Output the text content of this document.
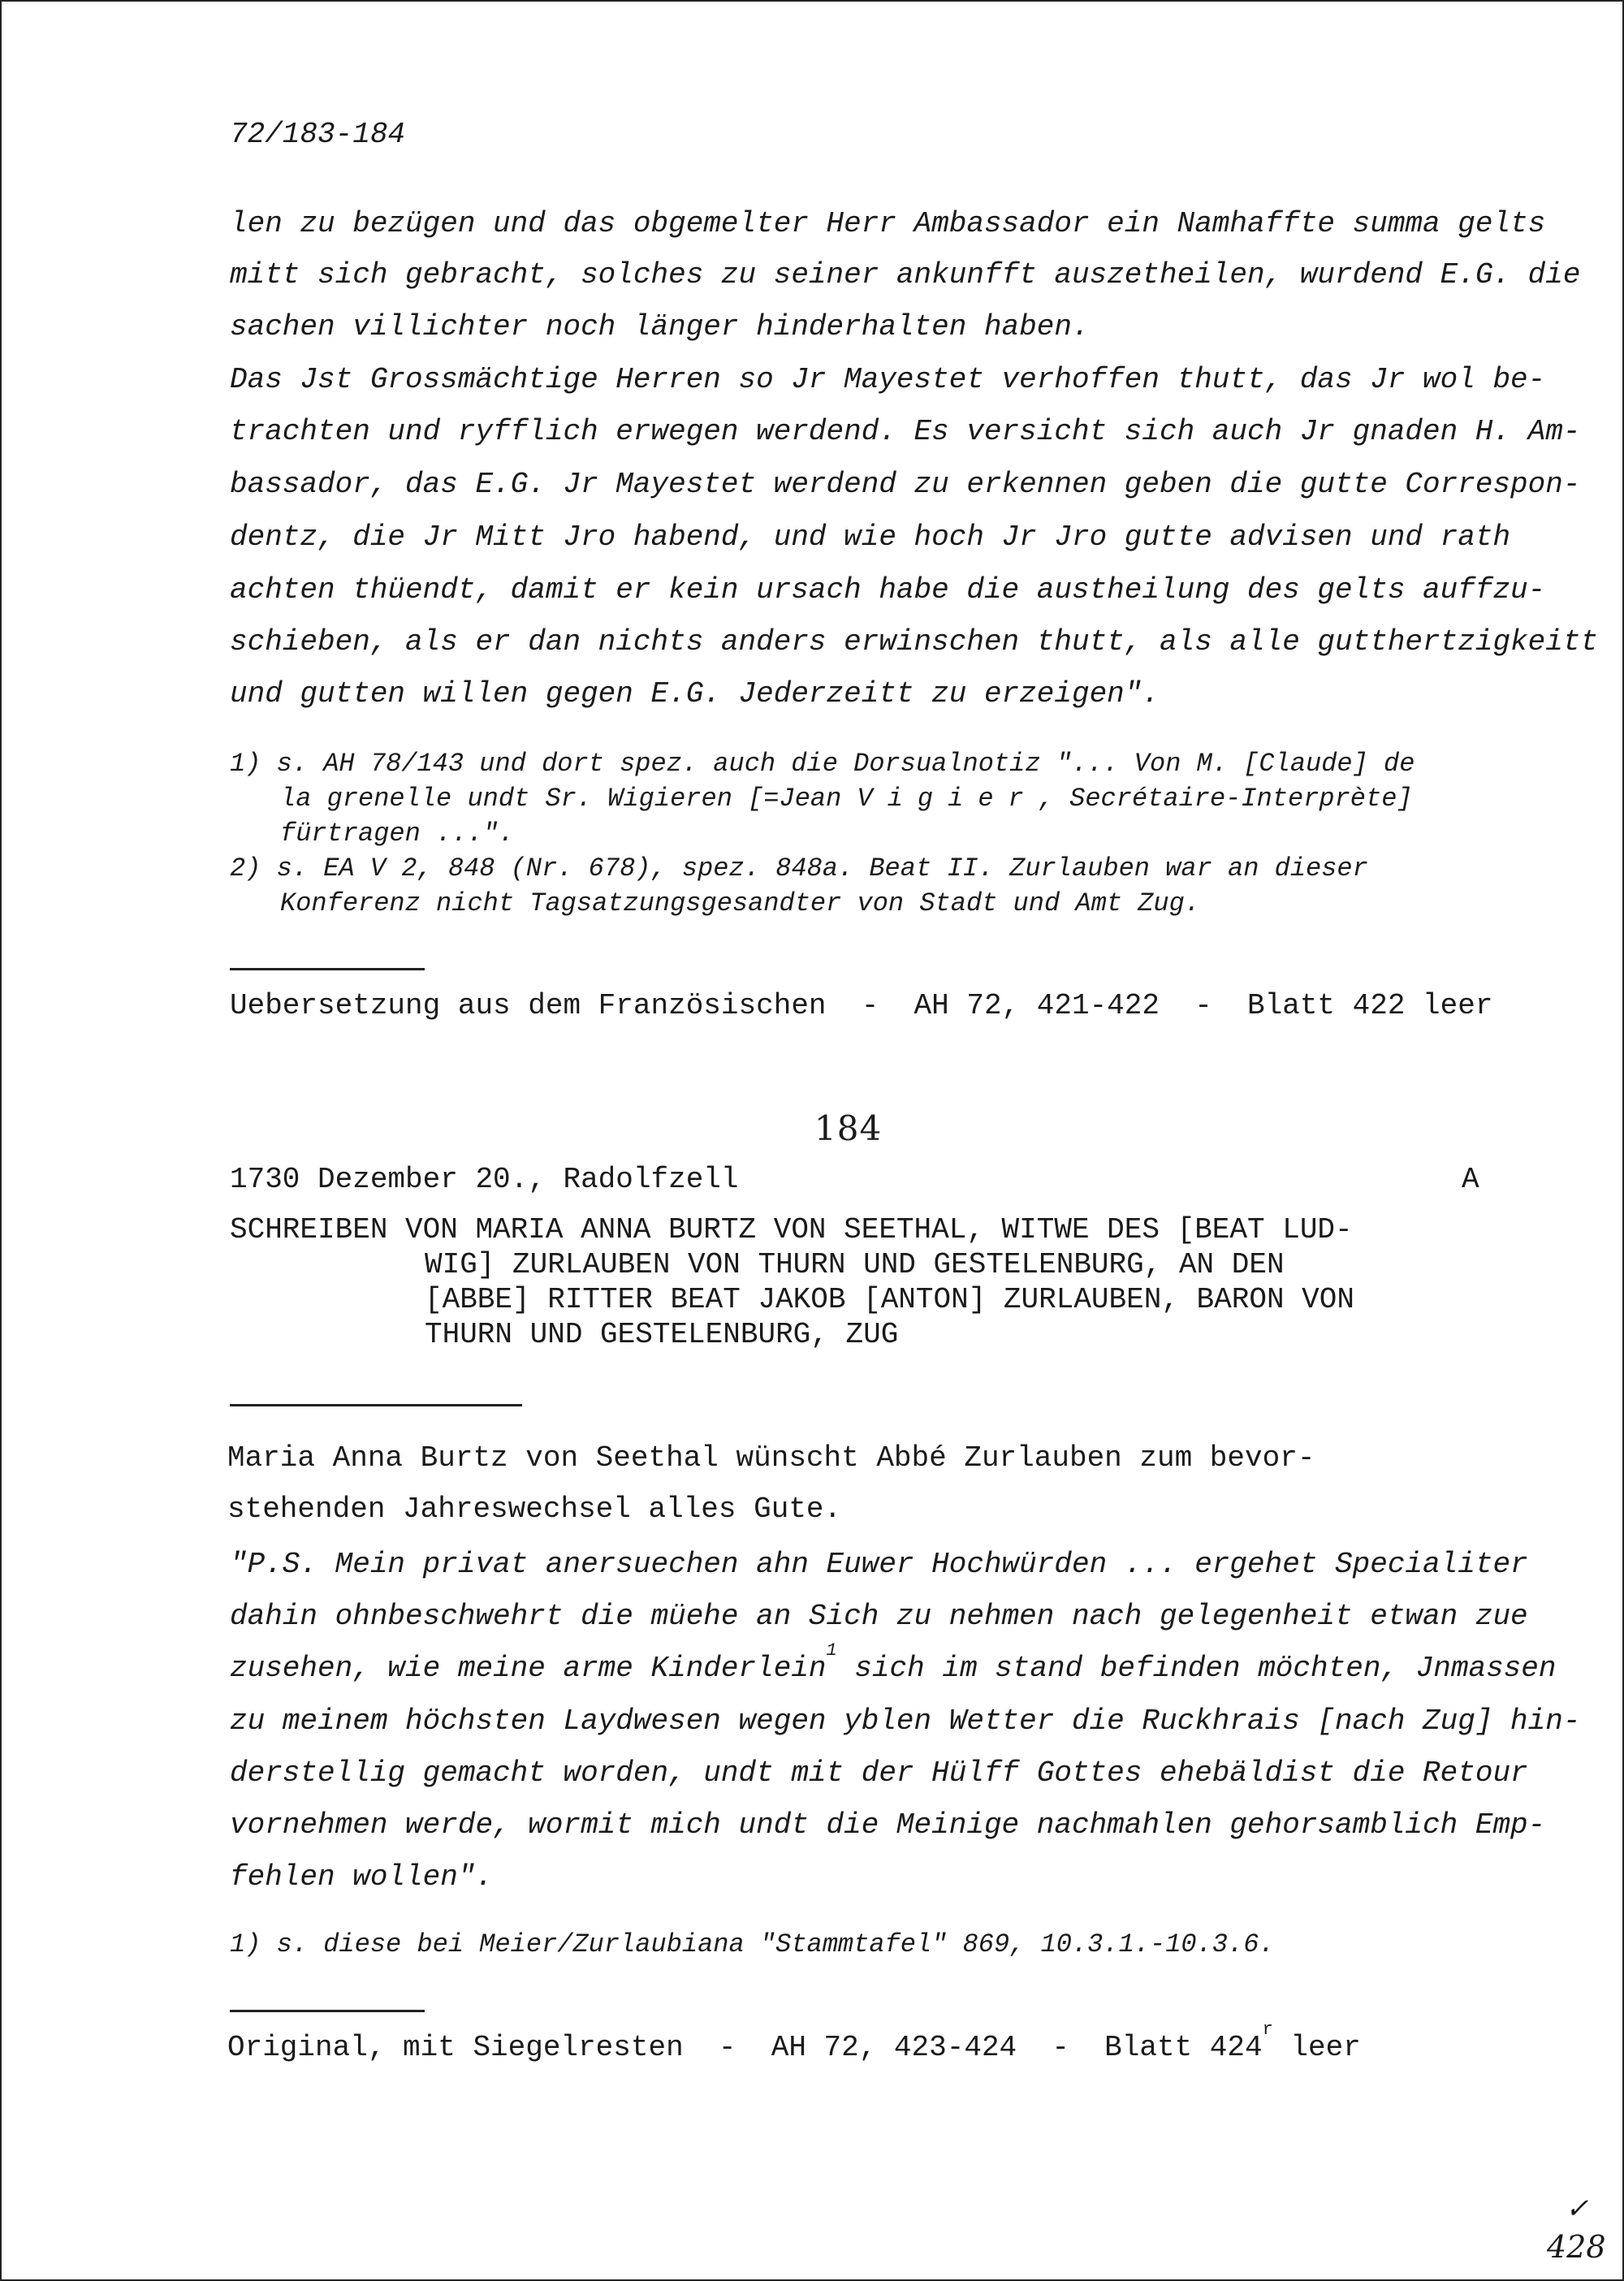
72/183-184
len zu bezügen und das obgemelter Herr Ambassador ein Namhaffte summa gelts
mitt sich gebracht, solches zu seiner ankunfft auszetheilen, wurdend E.G. die
sachen villichter noch länger hinderhalten haben.
Das Jst Grossmächtige Herren so Jr Mayestet verhoffen thutt, das Jr wol be-
trachten und ryfflich erwegen werdend. Es versicht sich auch Jr gnaden H. Am-
bassador, das E.G. Jr Mayestet werdend zu erkennen geben die gutte Correspon-
dentz, die Jr Mitt Jro habend, und wie hoch Jr Jro gutte advisen und rath
achten thüendt, damit er kein ursach habe die austheilung des gelts auffzu-
schieben, als er dan nichts anders erwinschen thutt, als alle gutthertzigkeitt
und gutten willen gegen E.G. Jederzeitt zu erzeigen".
1) s. AH 78/143 und dort spez. auch die Dorsualnotiz "... Von M. [Claude] de
la grenelle undt Sr. Wigieren [=Jean Vigier, Secrétaire-Interprète]
fürtragen ...".
2) s. EA V 2, 848 (Nr. 678), spez. 848a. Beat II. Zurlauben war an dieser
Konferenz nicht Tagsatzungsgesandter von Stadt und Amt Zug.
Uebersetzung aus dem Französischen  -  AH 72, 421-422  -  Blatt 422 leer
184
1730 Dezember 20., Radolfzell	A
SCHREIBEN VON MARIA ANNA BURTZ VON SEETHAL, WITWE DES [BEAT LUD-
WIG] ZURLAUBEN VON THURN UND GESTELENBURG, AN DEN
[ABBE] RITTER BEAT JAKOB [ANTON] ZURLAUBEN, BARON VON
THURN UND GESTELENBURG, ZUG
Maria Anna Burtz von Seethal wünscht Abbé Zurlauben zum bevor-
stehenden Jahreswechsel alles Gute.
"P.S. Mein privat anersuechen ahn Euwer Hochwürden ... ergehet Specialiter
dahin ohnbeschwehrt die müehe an Sich zu nehmen nach gelegenheit etwan zue
zusehen, wie meine arme Kinderlein$^1$ sich im stand befinden möchten, Jnmassen
zu meinem höchsten Laydwesen wegen yblen Wetter die Ruckhrais [nach Zug] hin-
derstellig gemacht worden, undt mit der Hülff Gottes ehebäldist die Retour
vornehmen werde, wormit mich undt die Meinige nachmahlen gehorsamblich Emp-
fehlen wollen".
1) s. diese bei Meier/Zurlaubiana "Stammtafel" 869, 10.3.1.-10.3.6.
Original, mit Siegelresten  -  AH 72, 423-424  -  Blatt 424$^r$ leer
✓
428
